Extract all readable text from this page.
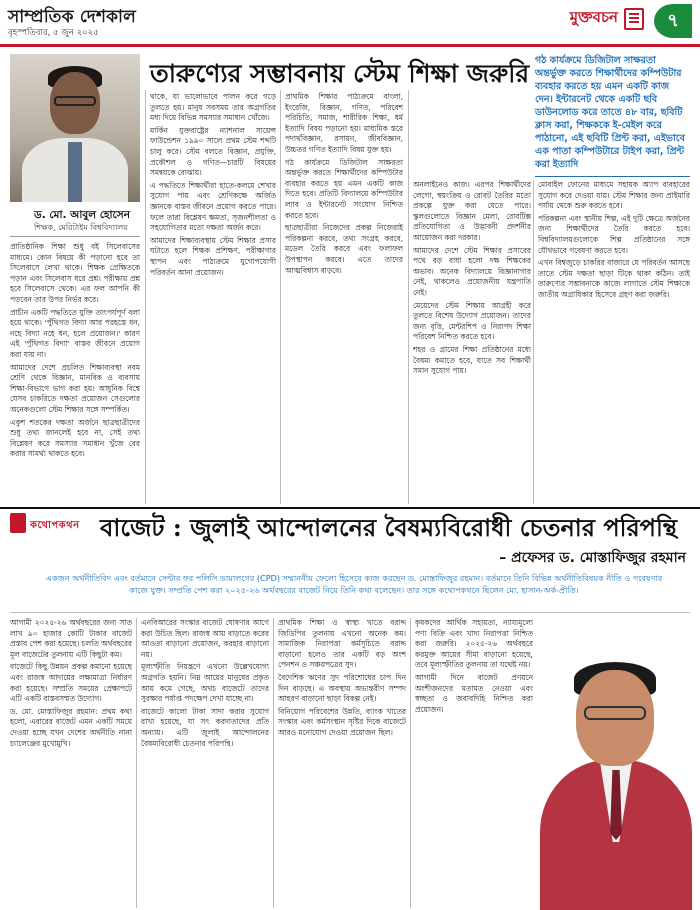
সাম্প্রতিক দেশকাল
বৃহস্পতিবার, ৫ জুন ২০২৫
মুক্তবচন	৭
ড. মো. আবুল হোসেন
শিক্ষক, মেরিটাইম বিশ্ববিদ্যালয়
তারুণ্যের সম্ভাবনায় স্টেম শিক্ষা জরুরি

প্রাতিষ্ঠানিক শিক্ষা শুধু বই সিলেবাসের মাধ্যমে। কোন বিষয়ে কী পড়ানো হবে তা সিলেবাসে লেখা থাকে। শিক্ষক প্রেক্ষিতকে পড়ান এবং সিলেবাস ধরে প্রশ্ন। পরীক্ষায় প্রশ্ন হবে সিলেবাসে থেকে। এর ফল আপনি কী পড়বেন তার উপর নির্ভর করে।

প্রাচীন একটি পদ্ধতিতে যুক্তি তাৎপর্যপূর্ণ বলা হয়ে থাকে। 'পুঁথিগত বিদ্যা আর পরহস্তে ধন, নহে বিদ্যা নহে ধন, হলে প্রয়োজন।' কারণ এই 'পুঁথিগত বিদ্যা' বাস্তব জীবনে প্রয়োগ করা যায় না।

আমাদের দেশে প্রচলিত শিক্ষাব্যবস্থা নবম শ্রেণি থেকে বিজ্ঞান, মানবিক ও ব্যবসায় শিক্ষা-বিভাগে ভাগ করা হয়। আধুনিক বিশ্বে যেসব চাকরিতে দক্ষতা প্রয়োজন সেগুলোর অনেকগুলো স্টেম শিক্ষার সঙ্গে সম্পর্কিত।

একুশ শতকের দক্ষতা অর্জনে ছাত্রছাত্রীদের শুধু তথ্য জানলেই হবে না, সেই তথ্য বিশ্লেষণ করে সমস্যার সমাধান খুঁজে বের করার সামর্থ্য থাকতে হবে।

থাকে, যা ভালোভাবে পালন করে গড়ে তুলতে হয়। মানুষ সবসময় তার অগ্রগতির মধ্য দিয়ে বিভিন্ন সমস্যার সমাধান খোঁজে।

মার্কিন যুক্তরাষ্ট্রের ন্যাশনাল সায়েন্স ফাউন্ডেশন ১৯৯০ সালে প্রথম স্টেম শব্দটি চালু করে। স্টেম বলতে বিজ্ঞান, প্রযুক্তি, প্রকৌশল ও গণিত—চারটি বিষয়ের সমন্বয়কে বোঝায়।

এ পদ্ধতিতে শিক্ষার্থীরা হাতে-কলমে শেখার সুযোগ পায় এবং শ্রেণিকক্ষে অর্জিত জ্ঞানকে বাস্তব জীবনে প্রয়োগ করতে পারে। ফলে তারা বিশ্লেষণ ক্ষমতা, সৃজনশীলতা ও সহযোগিতার মতো দক্ষতা অর্জন করে।

আমাদের শিক্ষাব্যবস্থায় স্টেম শিক্ষার প্রসার ঘটাতে হলে শিক্ষক প্রশিক্ষণ, পরীক্ষাগার স্থাপন এবং পাঠ্যক্রমে যুগোপযোগী পরিবর্তন আনা প্রয়োজন।

প্রাথমিক শিক্ষার পাঠ্যক্রমে বাংলা, ইংরেজি, বিজ্ঞান, গণিত, পরিবেশ পরিচিতি, সমাজ, শারীরিক শিক্ষা, ধর্ম ইত্যাদি বিষয় পড়ানো হয়। মাধ্যমিক স্তরে পদার্থবিজ্ঞান, রসায়ন, জীববিজ্ঞান, উচ্চতর গণিত ইত্যাদি বিষয় যুক্ত হয়।

গঠ কার্যক্রমে ডিজিটাল সাক্ষরতা অন্তর্ভুক্ত করতে শিক্ষার্থীদের কম্পিউটার ব্যবহার করতে হয় এমন একটি কাজ দিতে হবে। প্রতিটি বিদ্যালয়ে কম্পিউটার ল্যাব ও ইন্টারনেট সংযোগ নিশ্চিত করতে হবে।

ছাত্রছাত্রীরা নিজেদের প্রকল্প নিজেরাই পরিকল্পনা করবে, তথ্য সংগ্রহ করবে, মডেল তৈরি করবে এবং ফলাফল উপস্থাপন করবে। এতে তাদের আত্মবিশ্বাস বাড়বে।

অনলাইনেও কাজ। এরপর শিক্ষার্থীদের লেগো, স্বয়ংক্রিয় ও রোবট তৈরির মতো প্রকল্পে যুক্ত করা যেতে পারে। স্কুলগুলোতে বিজ্ঞান মেলা, রোবটিক্স প্রতিযোগিতা ও উদ্ভাবনী প্রদর্শনীর আয়োজন করা দরকার।

আমাদের দেশে স্টেম শিক্ষার প্রসারের পথে বড় বাধা হলো দক্ষ শিক্ষকের অভাব। অনেক বিদ্যালয়ে বিজ্ঞানাগার নেই, থাকলেও প্রয়োজনীয় যন্ত্রপাতি নেই।

মেয়েদের স্টেম শিক্ষায় আগ্রহী করে তুলতে বিশেষ উদ্যোগ প্রয়োজন। তাদের জন্য বৃত্তি, মেন্টরশিপ ও নিরাপদ শিক্ষা পরিবেশ নিশ্চিত করতে হবে।

শহর ও গ্রামের শিক্ষা প্রতিষ্ঠানের মধ্যে বৈষম্য কমাতে হবে, যাতে সব শিক্ষার্থী সমান সুযোগ পায়।

গঠ কার্যক্রমে ডিজিটাল সাক্ষরতা অন্তর্ভুক্ত করতে শিক্ষার্থীদের কম্পিউটার ব্যবহার করতে হয় এমন একটি কাজ দেন। ইন্টারনেট থেকে একটি ছবি ডাউনলোড করে তাতে ৪৮ বার, ছবিটি ক্লাস করা, শিক্ষককে ই-মেইল করে পাঠানো, এই ছবিটি প্রিন্ট করা, এইভাবে এক পাতা কম্পিউটারে টাইপ করা, প্রিন্ট করা ইত্যাদি

মোবাইল ফোনের মাধ্যমে সহায়ক অ্যাপ ব্যবহারের সুযোগ করে দেওয়া যায়। স্টেম শিক্ষার জন্য প্রাইমারি পর্যায় থেকে শুরু করতে হবে।

পরিকল্পনা এবং স্থানীয় শিল্প, এই দুটি ক্ষেত্রে অর্জনের জন্য শিক্ষার্থীদের তৈরি করতে হবে। বিশ্ববিদ্যালয়গুলোকে শিল্প প্রতিষ্ঠানের সঙ্গে যৌথভাবে গবেষণা করতে হবে।

এখন বিশ্বজুড়ে চাকরির বাজারে যে পরিবর্তন আসছে তাতে স্টেম দক্ষতা ছাড়া টিকে থাকা কঠিন। তাই তারুণ্যের সম্ভাবনাকে কাজে লাগাতে স্টেম শিক্ষাকে জাতীয় অগ্রাধিকার হিসেবে গ্রহণ করা জরুরি।

কথোপকথন বাজেট : জুলাই আন্দোলনের বৈষম্যবিরোধী চেতনার পরিপন্থি
– প্রফেসর ড. মোস্তাফিজুর রহমান
একজন অর্থনীতিবিদ এবং বর্তমানে সেন্টার ফর পলিসি ডায়ালগের (CPD) সম্মাননীয় ফেলো হিসেবে কাজ করছেন ড. মোস্তাফিজুর রহমান। বর্তমানে তিনি বিভিন্ন অর্থনীতিবিষয়ক নীতি ও গবেষণার কাজে যুক্ত। সম্প্রতি পেশ করা ২০২৫-২৬ অর্থবছরের বাজেট নিয়ে তিনি কথা বলেছেন। তার সঙ্গে কথোপকথনে ছিলেন মো. হাসান-অর্ক-প্রীতি।

আগামী ২০২৫-২৬ অর্থবছরের জন্য সাত লাখ ৯০ হাজার কোটি টাকার বাজেট প্রস্তাব পেশ করা হয়েছে। চলতি অর্থবছরের মূল বাজেটের তুলনায় এটি কিছুটা কম।

বাজেটে কিছু উন্নয়ন প্রকল্প কমানো হয়েছে এবং রাজস্ব আদায়ের লক্ষ্যমাত্রা নির্ধারণ করা হয়েছে। সম্প্রতি সময়ের প্রেক্ষাপটে এটি একটি বাস্তবসম্মত উদ্যোগ।

ড. মো. মোস্তাফিজুর রহমান: প্রথম কথা হলো, এবারের বাজেট এমন একটি সময়ে দেওয়া হচ্ছে যখন দেশের অর্থনীতি নানা চ্যালেঞ্জের মুখোমুখি।

এনবিআরের সংস্কার বাজেট ঘোষণার আগে করা উচিত ছিল। রাজস্ব আয় বাড়াতে করের আওতা বাড়ানো প্রয়োজন, করহার বাড়ানো নয়।

মূল্যস্ফীতি নিয়ন্ত্রণে এখনো উল্লেখযোগ্য অগ্রগতি হয়নি। নিম্ন আয়ের মানুষের প্রকৃত আয় কমে গেছে, অথচ বাজেটে তাদের সুরক্ষার পর্যাপ্ত পদক্ষেপ দেখা যাচ্ছে না।

বাজেটে কালো টাকা সাদা করার সুযোগ রাখা হয়েছে, যা সৎ করদাতাদের প্রতি অন্যায়। এটি জুলাই আন্দোলনের বৈষম্যবিরোধী চেতনার পরিপন্থি।

প্রাথমিক শিক্ষা ও স্বাস্থ্য খাতে বরাদ্দ জিডিপির তুলনায় এখনো অনেক কম। সামাজিক নিরাপত্তা কর্মসূচিতে বরাদ্দ বাড়ানো হলেও তার একটি বড় অংশ পেনশন ও সঞ্চয়পত্রের সুদ।

বৈদেশিক ঋণের সুদ পরিশোধের চাপ দিন দিন বাড়ছে। এ অবস্থায় অভ্যন্তরীণ সম্পদ আহরণ বাড়ানো ছাড়া বিকল্প নেই।

বিনিয়োগ পরিবেশের উন্নতি, ব্যাংক খাতের সংস্কার এবং কর্মসংস্থান সৃষ্টির দিকে বাজেটে আরও মনোযোগ দেওয়া প্রয়োজন ছিল।

কৃষকদের আর্থিক সহায়তা, ন্যায্যমূল্যে পণ্য বিক্রি এবং খাদ্য নিরাপত্তা নিশ্চিত করা জরুরি। ২০২৫-২৬ অর্থবছরে করমুক্ত আয়ের সীমা বাড়ানো হয়েছে, তবে মূল্যস্ফীতির তুলনায় তা যথেষ্ট নয়।

আগামী দিনে বাজেট প্রণয়নে অংশীজনদের মতামত নেওয়া এবং স্বচ্ছতা ও জবাবদিহি নিশ্চিত করা প্রয়োজন।
